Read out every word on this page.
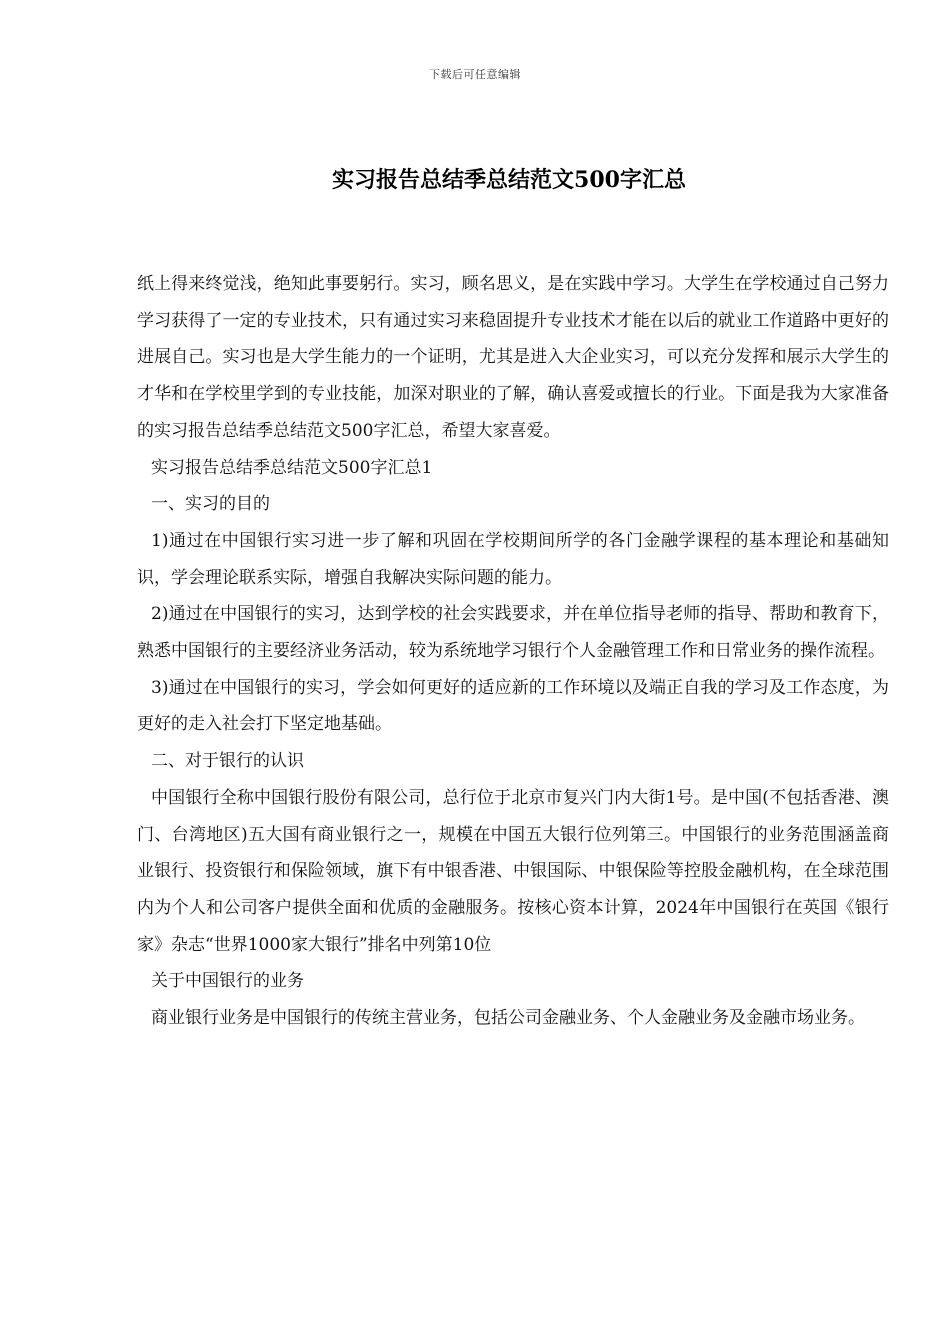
下载后可任意编辑
实习报告总结季总结范文500字汇总

纸上得来终觉浅，绝知此事要躬行。实习，顾名思义，是在实践中学习。大学生在学校通过自己努力学习获得了一定的专业技术，只有通过实习来稳固提升专业技术才能在以后的就业工作道路中更好的进展自己。实习也是大学生能力的一个证明，尤其是进入大企业实习，可以充分发挥和展示大学生的才华和在学校里学到的专业技能，加深对职业的了解，确认喜爱或擅长的行业。下面是我为大家准备的实习报告总结季总结范文500字汇总，希望大家喜爱。

实习报告总结季总结范文500字汇总1

一、实习的目的

1)通过在中国银行实习进一步了解和巩固在学校期间所学的各门金融学课程的基本理论和基础知识，学会理论联系实际，增强自我解决实际问题的能力。

2)通过在中国银行的实习，达到学校的社会实践要求，并在单位指导老师的指导、帮助和教育下，熟悉中国银行的主要经济业务活动，较为系统地学习银行个人金融管理工作和日常业务的操作流程。

3)通过在中国银行的实习，学会如何更好的适应新的工作环境以及端正自我的学习及工作态度，为更好的走入社会打下坚定地基础。

二、对于银行的认识

中国银行全称中国银行股份有限公司，总行位于北京市复兴门内大街1号。是中国(不包括香港、澳门、台湾地区)五大国有商业银行之一，规模在中国五大银行位列第三。中国银行的业务范围涵盖商业银行、投资银行和保险领域，旗下有中银香港、中银国际、中银保险等控股金融机构，在全球范围内为个人和公司客户提供全面和优质的金融服务。按核心资本计算，2024年中国银行在英国《银行家》杂志“世界1000家大银行”排名中列第10位

关于中国银行的业务

商业银行业务是中国银行的传统主营业务，包括公司金融业务、个人金融业务及金融市场业务。
